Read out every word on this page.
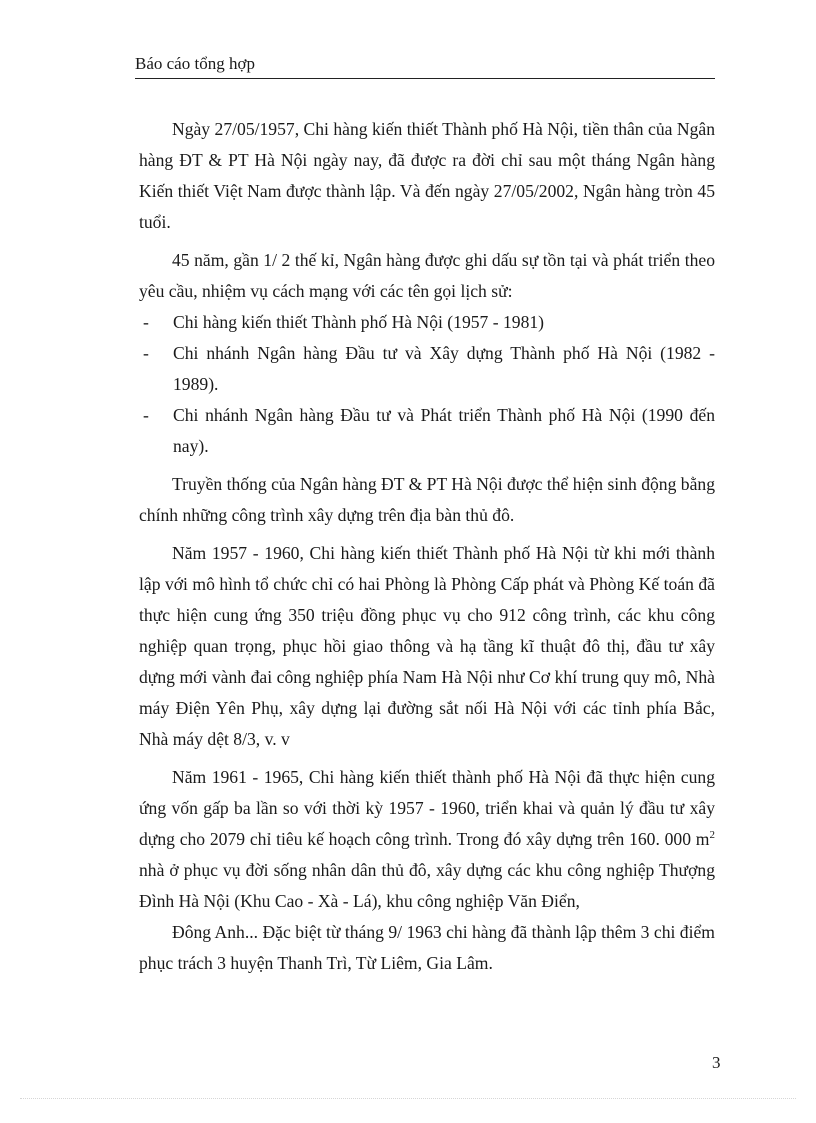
Báo cáo tổng hợp

Ngày 27/05/1957, Chi hàng kiến thiết Thành phố Hà Nội, tiền thân của Ngân hàng ĐT & PT Hà Nội ngày nay, đã được ra đời chỉ sau một tháng Ngân hàng Kiến thiết Việt Nam được thành lập. Và đến ngày 27/05/2002, Ngân hàng tròn 45 tuổi.

45 năm, gần 1/ 2 thế kỉ, Ngân hàng được ghi dấu sự tồn tại và phát triển theo yêu cầu, nhiệm vụ cách mạng với các tên gọi lịch sử:

- Chi hàng kiến thiết Thành phố Hà Nội (1957 - 1981)
- Chi nhánh Ngân hàng Đầu tư và Xây dựng Thành phố Hà Nội (1982 - 1989).
- Chi nhánh Ngân hàng Đầu tư và Phát triển Thành phố Hà Nội (1990 đến nay).

Truyền thống của Ngân hàng ĐT & PT Hà Nội được thể hiện sinh động bằng chính những công trình xây dựng trên địa bàn thủ đô.

Năm 1957 - 1960, Chi hàng kiến thiết Thành phố Hà Nội từ khi mới thành lập với mô hình tổ chức chỉ có hai Phòng là Phòng Cấp phát và Phòng Kế toán đã thực hiện cung ứng 350 triệu đồng phục vụ cho 912 công trình, các khu công nghiệp quan trọng, phục hồi giao thông và hạ tầng kĩ thuật đô thị, đầu tư xây dựng mới vành đai công nghiệp phía Nam Hà Nội như Cơ khí trung quy mô, Nhà máy Điện Yên Phụ, xây dựng lại đường sắt nối Hà Nội với các tỉnh phía Bắc, Nhà máy dệt 8/3, v. v

Năm 1961 - 1965, Chi hàng kiến thiết thành phố Hà Nội đã thực hiện cung ứng vốn gấp ba lần so với thời kỳ 1957 - 1960, triển khai và quản lý đầu tư xây dựng cho 2079 chỉ tiêu kế hoạch công trình. Trong đó xây dựng trên 160. 000 $m^2$ nhà ở phục vụ đời sống nhân dân thủ đô, xây dựng các khu công nghiệp Thượng Đình Hà Nội (Khu Cao - Xà - Lá), khu công nghiệp Văn Điển,

Đông Anh... Đặc biệt từ tháng 9/ 1963 chi hàng đã thành lập thêm 3 chi điểm phục trách 3 huyện Thanh Trì, Từ Liêm, Gia Lâm.

3
